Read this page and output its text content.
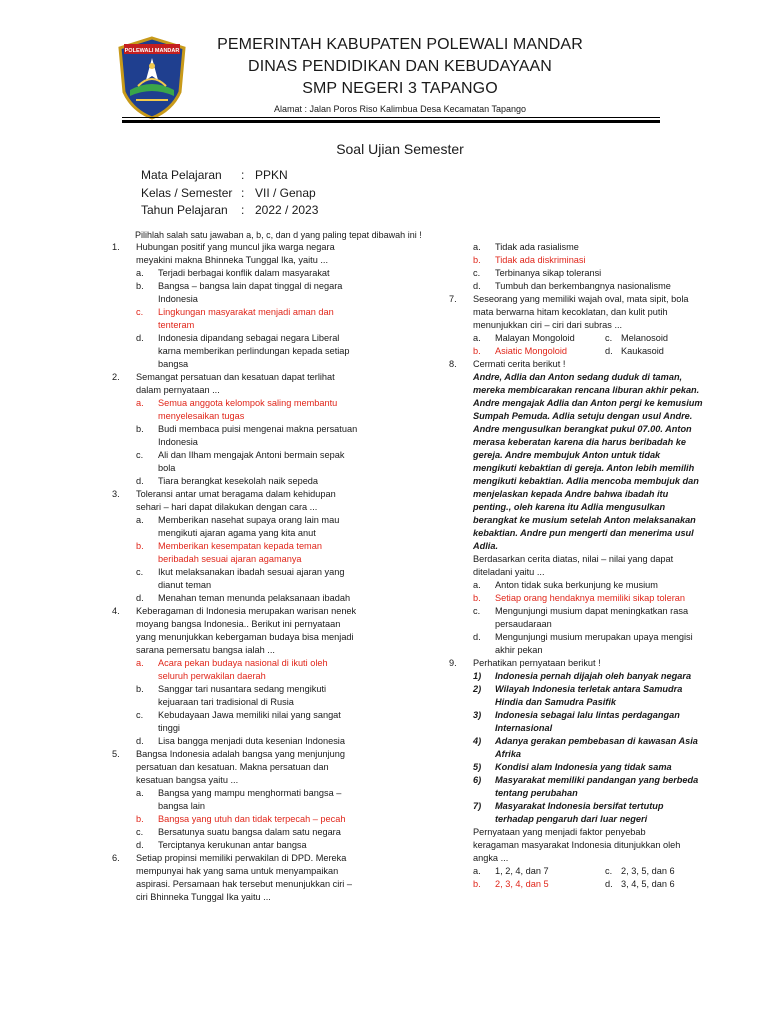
POLEWALI MANDAR	PEMERINTAH KABUPATEN POLEWALI MANDAR
DINAS PENDIDIKAN DAN KEBUDAYAAN
SMP NEGERI 3 TAPANGO
Alamat : Jalan Poros Riso Kalimbua Desa Kecamatan Tapango
Soal Ujian Semester
Mata Pelajaran : PPKN
Kelas / Semester : VII / Genap
Tahun Pelajaran : 2022 / 2023
Pilihlah salah satu jawaban a, b, c, dan d yang paling tepat dibawah ini !
1. Hubungan positif yang muncul jika warga negara
meyakini makna Bhinneka Tunggal Ika, yaitu ...
a. Terjadi berbagai konflik dalam masyarakat
b. Bangsa – bangsa lain dapat tinggal di negara
Indonesia
c. Lingkungan masyarakat menjadi aman dan
tenteram
d. Indonesia dipandang sebagai negara Liberal
karna memberikan perlindungan kepada setiap
bangsa
2. Semangat persatuan dan kesatuan dapat terlihat
dalam pernyataan ...
a. Semua anggota kelompok saling membantu
menyelesaikan tugas
b. Budi membaca puisi mengenai makna persatuan
Indonesia
c. Ali dan Ilham mengajak Antoni bermain sepak
bola
d. Tiara berangkat kesekolah naik sepeda
3. Toleransi antar umat beragama dalam kehidupan
sehari – hari dapat dilakukan dengan cara ...
a. Memberikan nasehat supaya orang lain mau
mengikuti ajaran agama yang kita anut
b. Memberikan kesempatan kepada teman
beribadah sesuai ajaran agamanya
c. Ikut melaksanakan ibadah sesuai ajaran yang
dianut teman
d. Menahan teman menunda pelaksanaan ibadah
4. Keberagaman di Indonesia merupakan warisan nenek
moyang bangsa Indonesia.. Berikut ini pernyataan
yang menunjukkan kebergaman budaya bisa menjadi
sarana pemersatu bangsa ialah ...
a. Acara pekan budaya nasional di ikuti oleh
seluruh perwakilan daerah
b. Sanggar tari nusantara sedang mengikuti
kejuaraan tari tradisional di Rusia
c. Kebudayaan Jawa memiliki nilai yang sangat
tinggi
d. Lisa bangga menjadi duta kesenian Indonesia
5. Bangsa Indonesia adalah bangsa yang menjunjung
persatuan dan kesatuan. Makna persatuan dan
kesatuan bangsa yaitu ...
a. Bangsa yang mampu menghormati bangsa –
bangsa lain
b. Bangsa yang utuh dan tidak terpecah – pecah
c. Bersatunya suatu bangsa dalam satu negara
d. Terciptanya kerukunan antar bangsa
6. Setiap propinsi memiliki perwakilan di DPD. Mereka
mempunyai hak yang sama untuk menyampaikan
aspirasi. Persamaan hak tersebut menunjukkan ciri –
ciri Bhinneka Tunggal Ika yaitu ...
a. Tidak ada rasialisme
b. Tidak ada diskriminasi
c. Terbinanya sikap toleransi
d. Tumbuh dan berkembangnya nasionalisme
7. Seseorang yang memiliki wajah oval, mata sipit, bola
mata berwarna hitam kecoklatan, dan kulit putih
menunjukkan ciri – ciri dari subras ...
a. Malayan Mongoloid	c. Melanosoid
b. Asiatic Mongoloid	d. Kaukasoid
8. Cermati cerita berikut !
Andre, Adlia dan Anton sedang duduk di taman,
mereka membicarakan rencana liburan akhir pekan.
Andre mengajak Adlia dan Anton pergi ke kemusium
Sumpah Pemuda. Adlia setuju dengan usul Andre.
Andre mengusulkan berangkat pukul 07.00. Anton
merasa keberatan karena dia harus beribadah ke
gereja. Andre membujuk Anton untuk tidak
mengikuti kebaktian di gereja. Anton lebih memilih
mengikuti kebaktian. Adlia mencoba membujuk dan
menjelaskan kepada Andre bahwa ibadah itu
penting., oleh karena itu Adlia mengusulkan
berangkat ke musium setelah Anton melaksanakan
kebaktian. Andre pun mengerti dan menerima usul
Adlia.
Berdasarkan cerita diatas, nilai – nilai yang dapat
diteladani yaitu ...
a. Anton tidak suka berkunjung ke musium
b. Setiap orang hendaknya memiliki sikap toleran
c. Mengunjungi musium dapat meningkatkan rasa
persaudaraan
d. Mengunjungi musium merupakan upaya mengisi
akhir pekan
9. Perhatikan pernyataan berikut !
1) Indonesia pernah dijajah oleh banyak negara
2) Wilayah Indonesia terletak antara Samudra
Hindia dan Samudra Pasifik
3) Indonesia sebagai lalu lintas perdagangan
Internasional
4) Adanya gerakan pembebasan di kawasan Asia
Afrika
5) Kondisi alam Indonesia yang tidak sama
6) Masyarakat memiliki pandangan yang berbeda
tentang perubahan
7) Masyarakat Indonesia bersifat tertutup
terhadap pengaruh dari luar negeri
Pernyataan yang menjadi faktor penyebab
keragaman masyarakat Indonesia ditunjukkan oleh
angka ...
a. 1, 2, 4, dan 7	c. 2, 3, 5, dan 6
b. 2, 3, 4, dan 5	d. 3, 4, 5, dan 6
